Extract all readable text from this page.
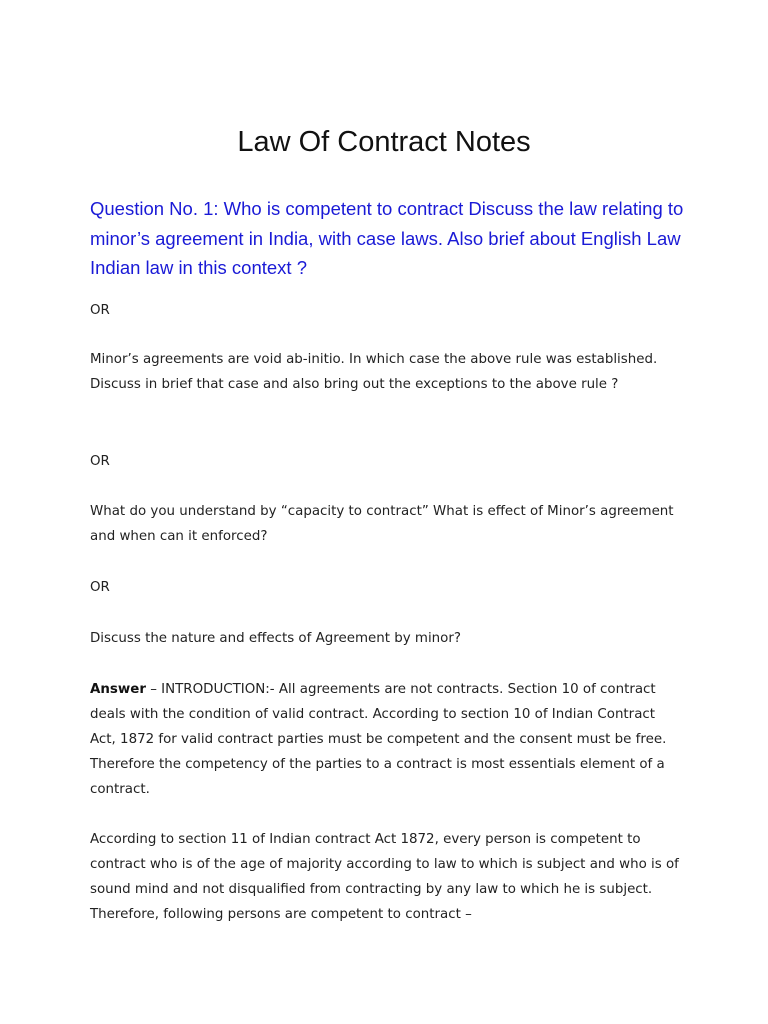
Law Of Contract Notes

Question No. 1: Who is competent to contract Discuss the law relating to minor’s agreement in India, with case laws. Also brief about English Law Indian law in this context ?

OR

Minor’s agreements are void ab-initio. In which case the above rule was established. Discuss in brief that case and also bring out the exceptions to the above rule ?

OR

What do you understand by “capacity to contract” What is effect of Minor’s agreement and when can it enforced?

OR

Discuss the nature and effects of Agreement by minor?

Answer – INTRODUCTION:- All agreements are not contracts. Section 10 of contract deals with the condition of valid contract. According to section 10 of Indian Contract Act, 1872 for valid contract parties must be competent and the consent must be free. Therefore the competency of the parties to a contract is most essentials element of a contract.

According to section 11 of Indian contract Act 1872, every person is competent to contract who is of the age of majority according to law to which is subject and who is of sound mind and not disqualified from contracting by any law to which he is subject. Therefore, following persons are competent to contract –
